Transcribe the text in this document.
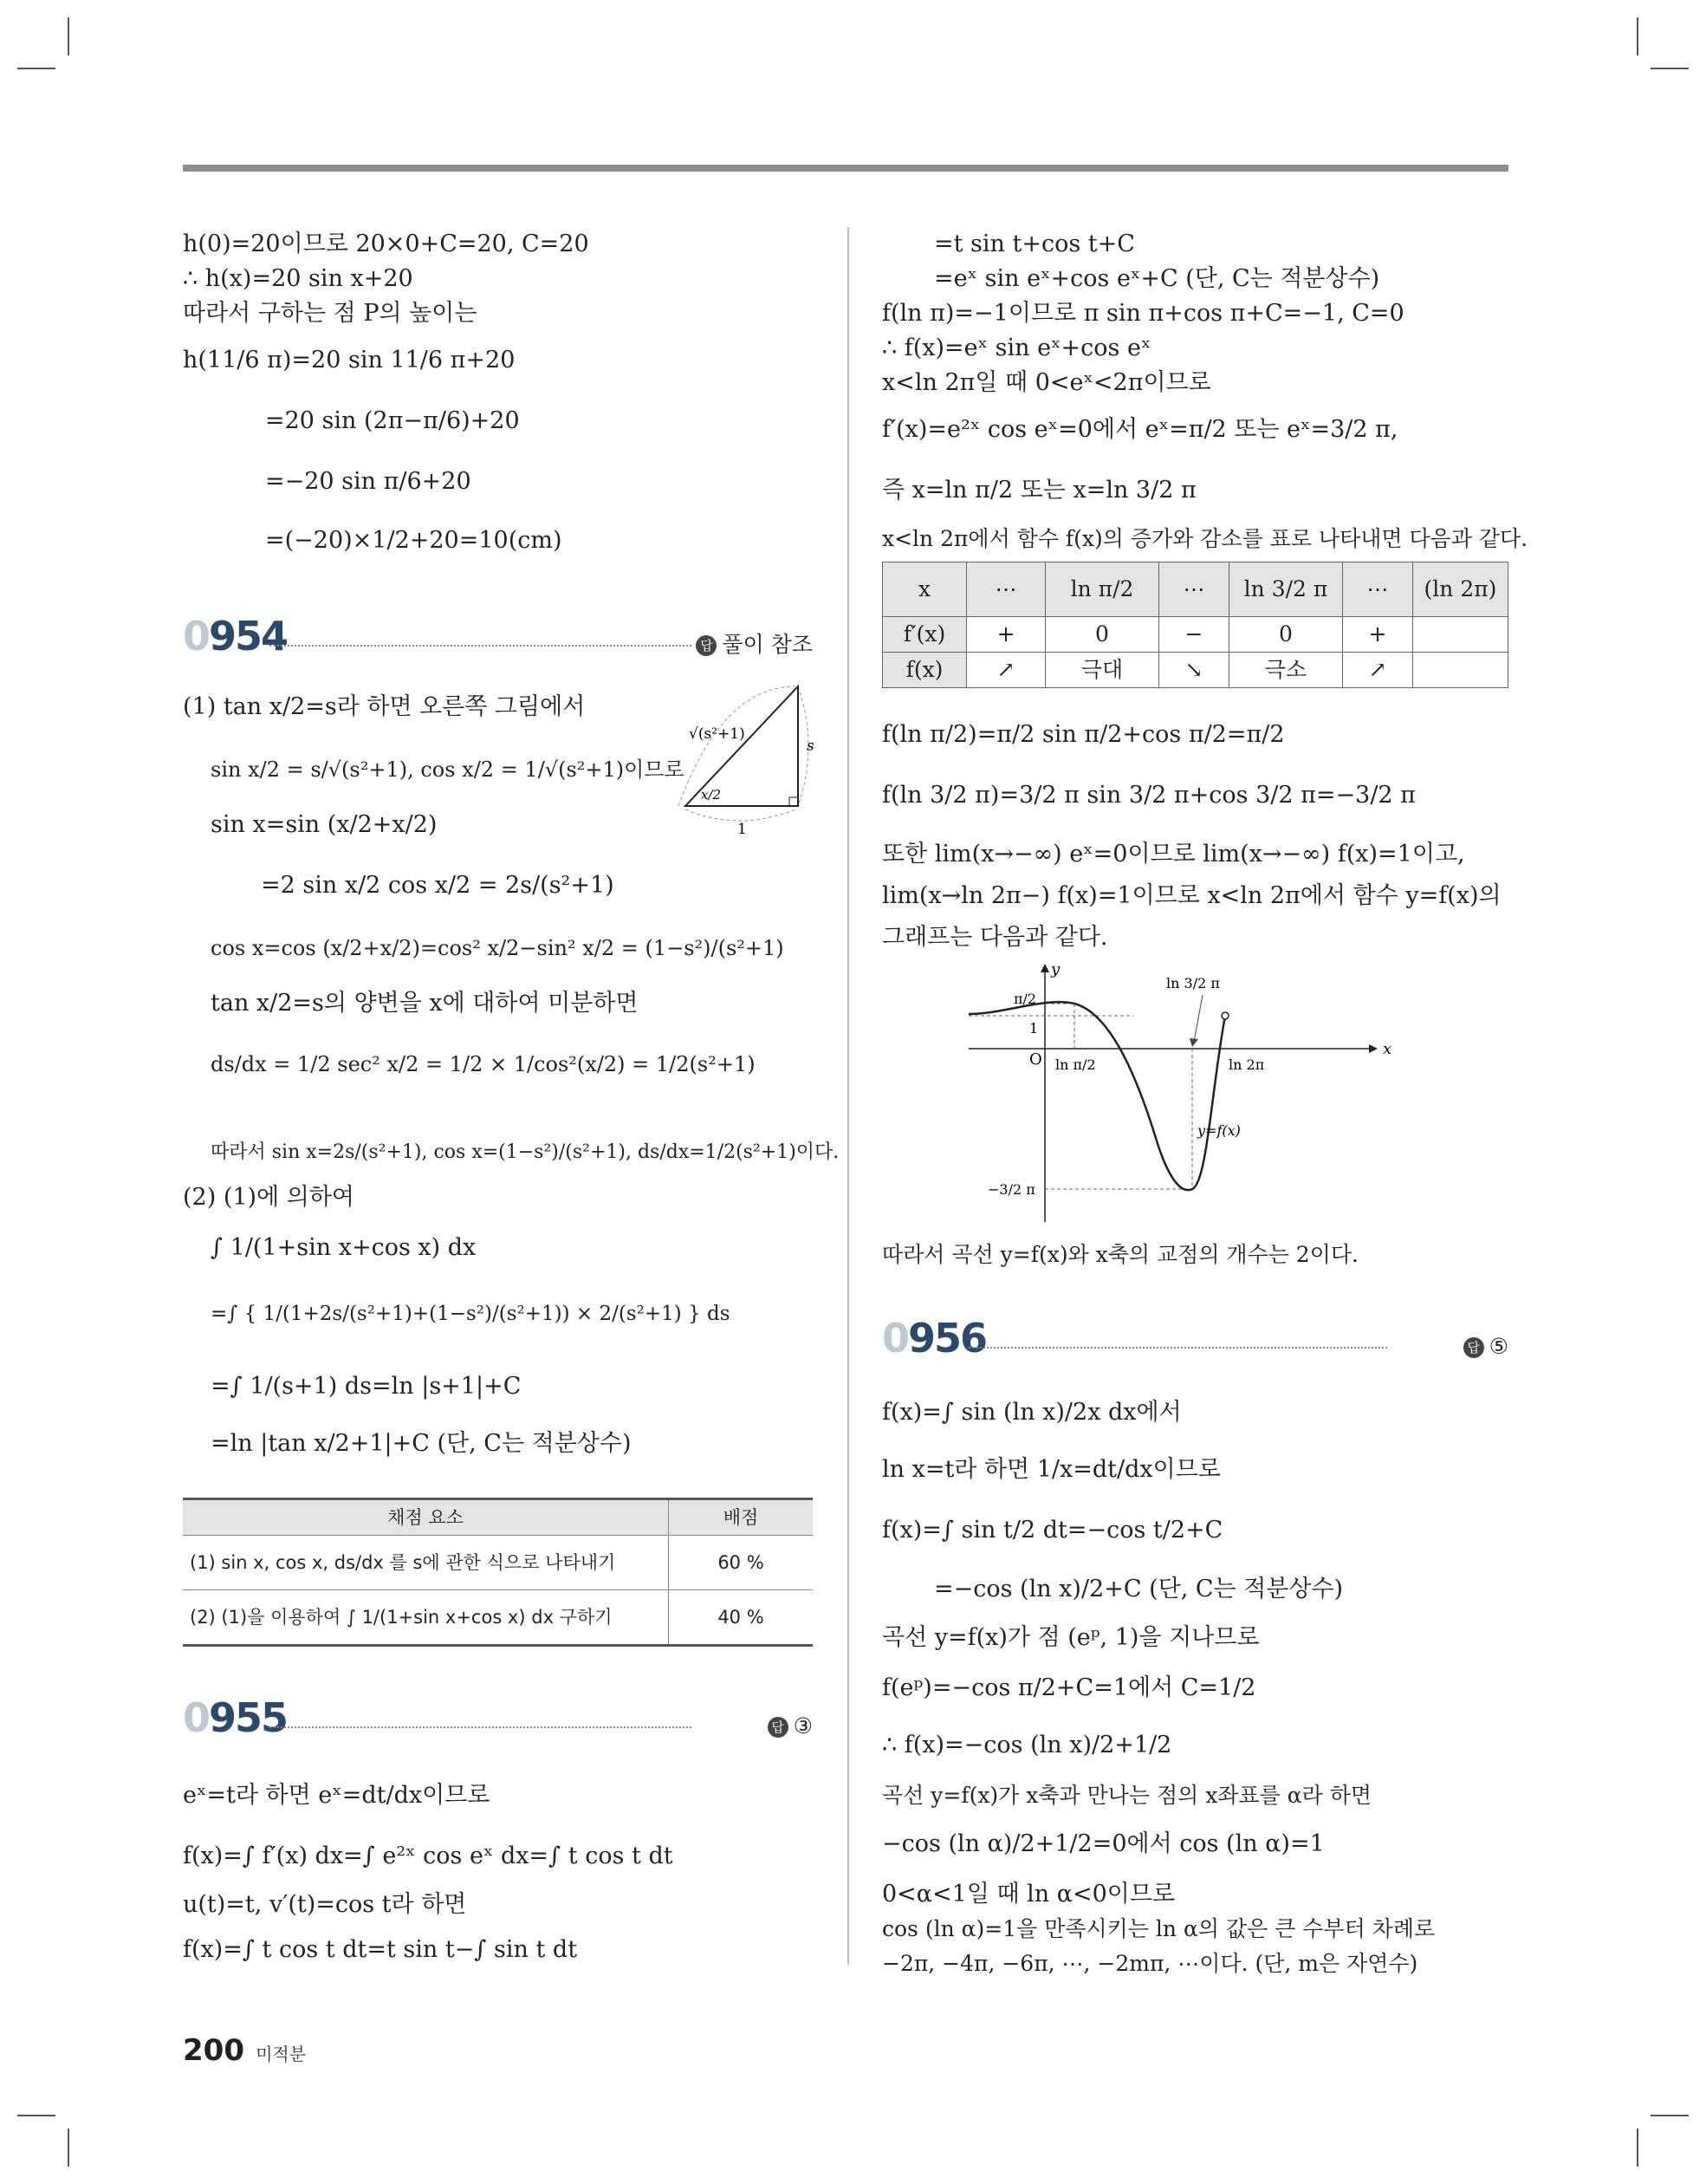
h(0)=20이므로 20×0+C=20, C=20
∴ h(x)=20 sin x+20
따라서 구하는 점 P의 높이는
h(11/6 π)=20 sin 11/6 π+20
=20 sin (2π−π/6)+20
=−20 sin π/6+20
=(−20)×1/2+20=10(cm)
0954	답 풀이 참조
(1) tan x/2=s라 하면 오른쪽 그림에서
sin x/2 = s/√(s²+1), cos x/2 = 1/√(s²+1)이므로
sin x=sin (x/2+x/2)
=2 sin x/2 cos x/2 = 2s/(s²+1)
cos x=cos (x/2+x/2)=cos² x/2−sin² x/2 = (1−s²)/(s²+1)
tan x/2=s의 양변을 x에 대하여 미분하면
ds/dx = 1/2 sec² x/2 = 1/2 × 1/cos²(x/2) = 1/2(s²+1)
따라서 sin x=2s/(s²+1), cos x=(1−s²)/(s²+1), ds/dx=1/2(s²+1)이다.
(2) (1)에 의하여
∫ 1/(1+sin x+cos x) dx
=∫ { 1/(1+2s/(s²+1)+(1−s²)/(s²+1)) × 2/(s²+1) } ds
=∫ 1/(s+1) ds=ln |s+1|+C
=ln |tan x/2+1|+C (단, C는 적분상수)
√(s²+1)
s
1
x/2
채점 요소	배점
(1) sin x, cos x, ds/dx 를 s에 관한 식으로 나타내기	60 %
(2) (1)을 이용하여 ∫ 1/(1+sin x+cos x) dx 구하기	40 %
0955	답 ③
eˣ=t라 하면 eˣ=dt/dx이므로
f(x)=∫ f′(x) dx=∫ e²ˣ cos eˣ dx=∫ t cos t dt
u(t)=t, v′(t)=cos t라 하면
f(x)=∫ t cos t dt=t sin t−∫ sin t dt
=t sin t+cos t+C
=eˣ sin eˣ+cos eˣ+C (단, C는 적분상수)
f(ln π)=−1이므로 π sin π+cos π+C=−1, C=0
∴ f(x)=eˣ sin eˣ+cos eˣ
x<ln 2π일 때 0<eˣ<2π이므로
f′(x)=e²ˣ cos eˣ=0에서 eˣ=π/2 또는 eˣ=3/2 π,
즉 x=ln π/2 또는 x=ln 3/2 π
x<ln 2π에서 함수 f(x)의 증가와 감소를 표로 나타내면 다음과 같다.
x	⋯	ln π/2	⋯	ln 3/2 π	⋯	(ln 2π)
f′(x)	+	0	−	0	+	
f(x)	↗	극대	↘	극소	↗	
f(ln π/2)=π/2 sin π/2+cos π/2=π/2
f(ln 3/2 π)=3/2 π sin 3/2 π+cos 3/2 π=−3/2 π
또한 lim(x→−∞) eˣ=0이므로 lim(x→−∞) f(x)=1이고,
lim(x→ln 2π−) f(x)=1이므로 x<ln 2π에서 함수 y=f(x)의
그래프는 다음과 같다.
y
x
O
π/2
1
−3/2 π
ln π/2
ln 3/2 π
ln 2π
y=f(x)
따라서 곡선 y=f(x)와 x축의 교점의 개수는 2이다.
0956	답 ⑤
f(x)=∫ sin (ln x)/2x dx에서
ln x=t라 하면 1/x=dt/dx이므로
f(x)=∫ sin t/2 dt=−cos t/2+C
=−cos (ln x)/2+C (단, C는 적분상수)
곡선 y=f(x)가 점 (eᵖ, 1)을 지나므로
f(eᵖ)=−cos π/2+C=1에서 C=1/2
∴ f(x)=−cos (ln x)/2+1/2
곡선 y=f(x)가 x축과 만나는 점의 x좌표를 α라 하면
−cos (ln α)/2+1/2=0에서 cos (ln α)=1
0<α<1일 때 ln α<0이므로
cos (ln α)=1을 만족시키는 ln α의 값은 큰 수부터 차례로
−2π, −4π, −6π, ⋯, −2mπ, ⋯이다. (단, m은 자연수)
200 미적분
